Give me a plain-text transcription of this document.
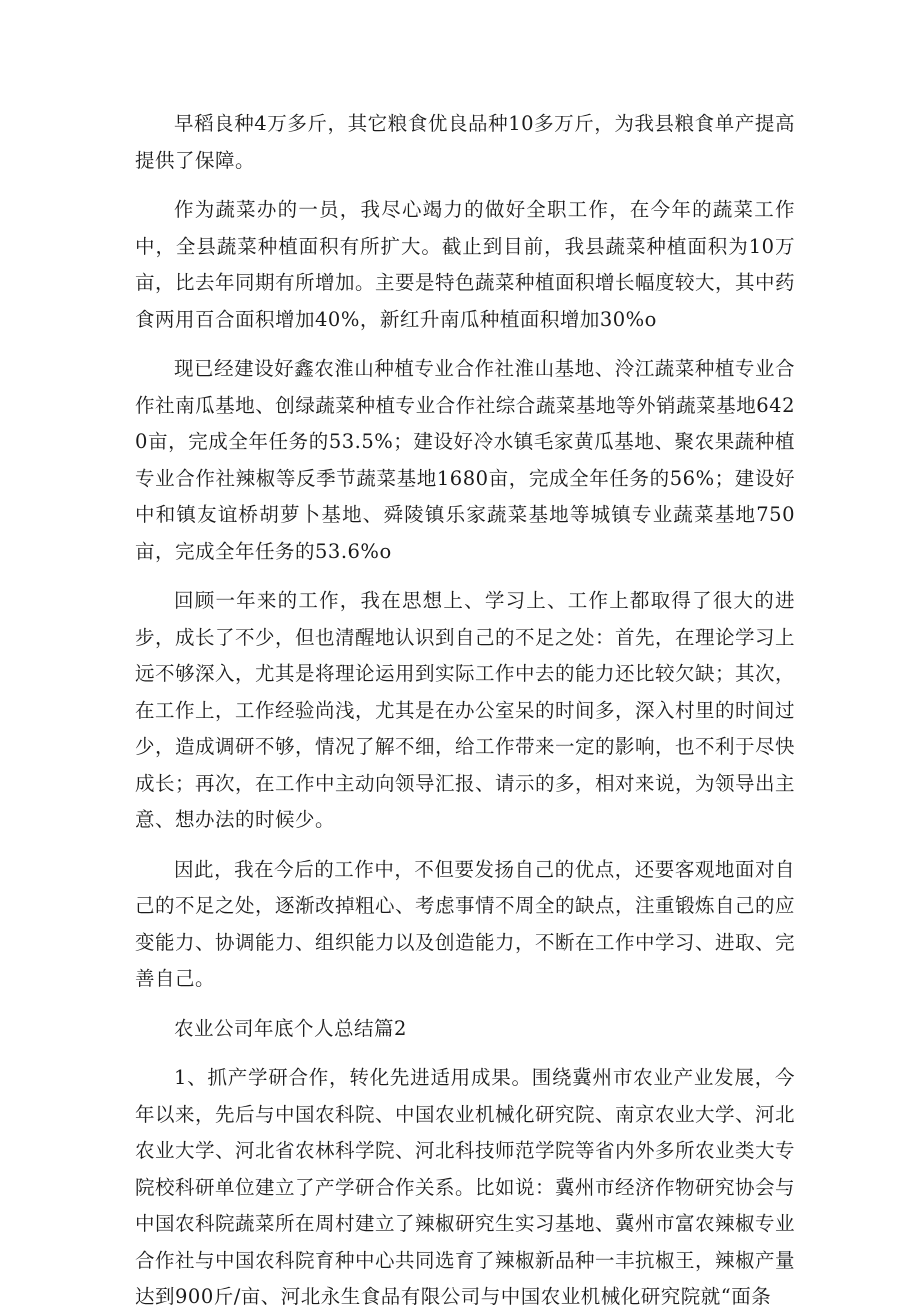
早稻良种4万多斤，其它粮食优良品种10多万斤，为我县粮食单产提高提供了保障。

作为蔬菜办的一员，我尽心竭力的做好全职工作，在今年的蔬菜工作中，全县蔬菜种植面积有所扩大。截止到目前，我县蔬菜种植面积为10万亩，比去年同期有所增加。主要是特色蔬菜种植面积增长幅度较大，其中药食两用百合面积增加40%，新红升南瓜种植面积增加30%o

现已经建设好鑫农淮山种植专业合作社淮山基地、泠江蔬菜种植专业合作社南瓜基地、创绿蔬菜种植专业合作社综合蔬菜基地等外销蔬菜基地6420亩，完成全年任务的53.5%；建设好冷水镇毛家黄瓜基地、聚农果蔬种植专业合作社辣椒等反季节蔬菜基地1680亩，完成全年任务的56%；建设好中和镇友谊桥胡萝卜基地、舜陵镇乐家蔬菜基地等城镇专业蔬菜基地750亩，完成全年任务的53.6%o

回顾一年来的工作，我在思想上、学习上、工作上都取得了很大的进步，成长了不少，但也清醒地认识到自己的不足之处：首先，在理论学习上远不够深入，尤其是将理论运用到实际工作中去的能力还比较欠缺；其次，在工作上，工作经验尚浅，尤其是在办公室呆的时间多，深入村里的时间过少，造成调研不够，情况了解不细，给工作带来一定的影响，也不利于尽快成长；再次，在工作中主动向领导汇报、请示的多，相对来说，为领导出主意、想办法的时候少。

因此，我在今后的工作中，不但要发扬自己的优点，还要客观地面对自己的不足之处，逐渐改掉粗心、考虑事情不周全的缺点，注重锻炼自己的应变能力、协调能力、组织能力以及创造能力，不断在工作中学习、进取、完善自己。

农业公司年底个人总结篇2

1、抓产学研合作，转化先进适用成果。围绕冀州市农业产业发展，今年以来，先后与中国农科院、中国农业机械化研究院、南京农业大学、河北农业大学、河北省农林科学院、河北科技师范学院等省内外多所农业类大专院校科研单位建立了产学研合作关系。比如说：冀州市经济作物研究协会与中国农科院蔬菜所在周村建立了辣椒研究生实习基地、冀州市富农辣椒专业合作社与中国农科院育种中心共同选育了辣椒新品种一丰抗椒王，辣椒产量达到900斤/亩、河北永生食品有限公司与中国农业机械化研究院就“面条
